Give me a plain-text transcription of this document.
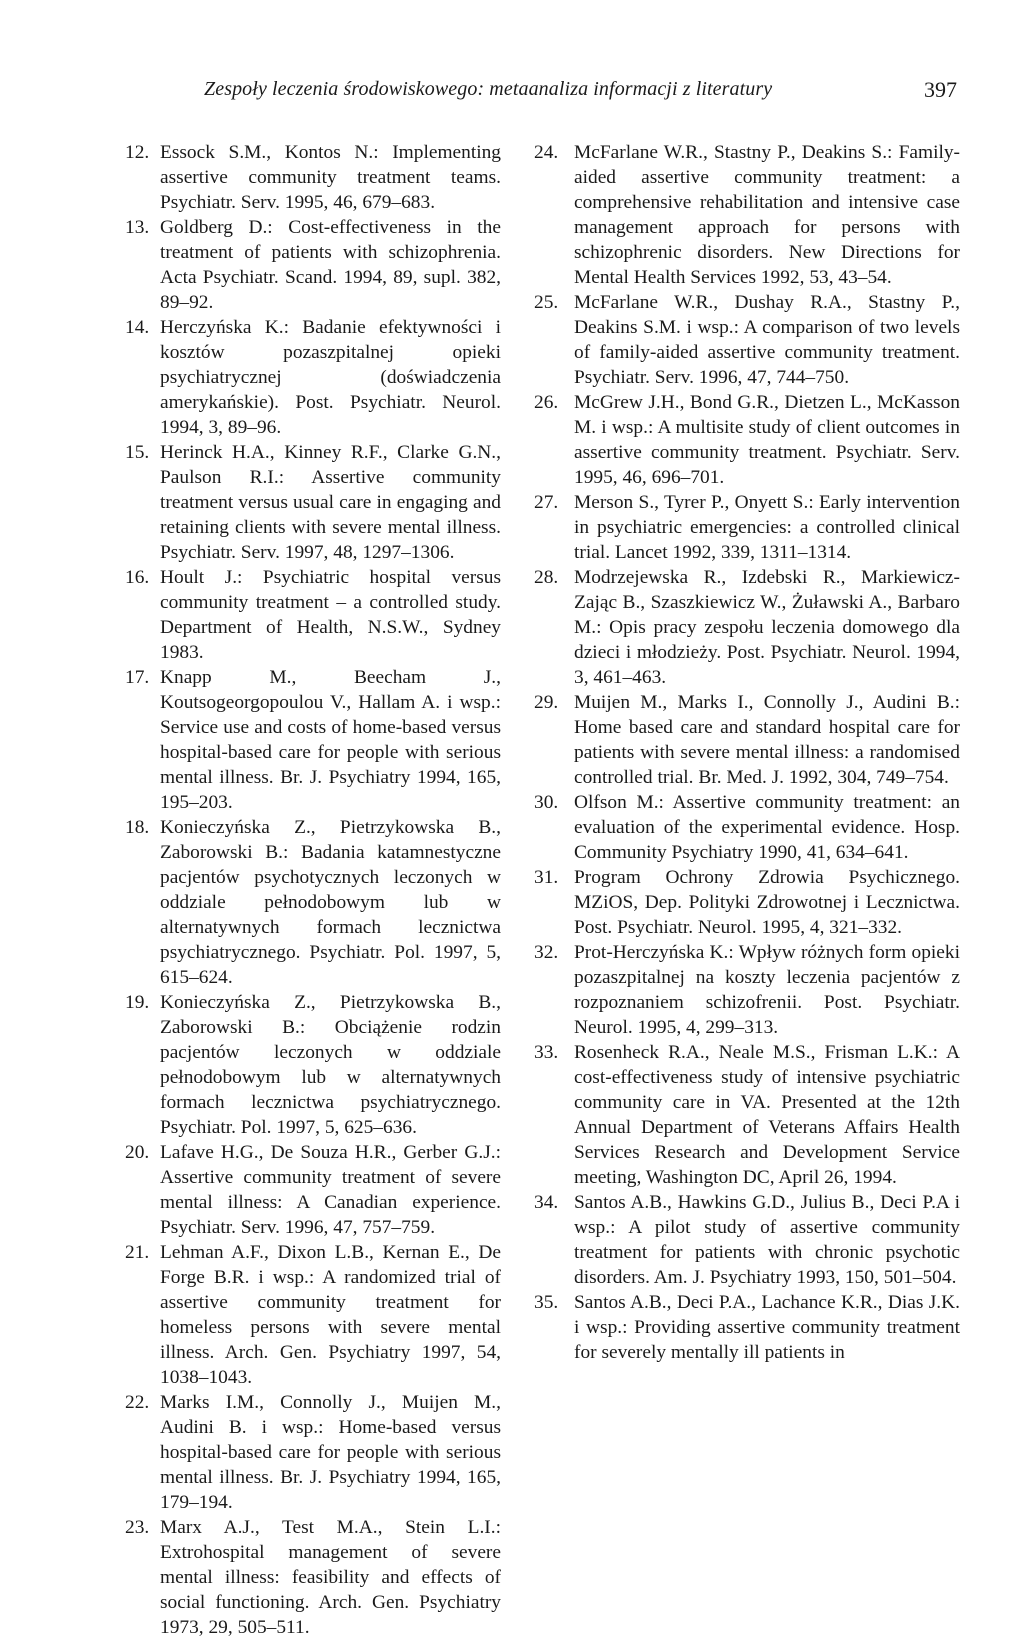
Zespoły leczenia środowiskowego: metaanaliza informacji z literatury	397
12. Essock S.M., Kontos N.: Implementing assertive community treatment teams. Psychiatr. Serv. 1995, 46, 679–683.
13. Goldberg D.: Cost-effectiveness in the treatment of patients with schizophrenia. Acta Psychiatr. Scand. 1994, 89, supl. 382, 89–92.
14. Herczyńska K.: Badanie efektywności i kosztów pozaszpitalnej opieki psychiatrycznej (doświadczenia amerykańskie). Post. Psychiatr. Neurol. 1994, 3, 89–96.
15. Herinck H.A., Kinney R.F., Clarke G.N., Paulson R.I.: Assertive community treatment versus usual care in engaging and retaining clients with severe mental illness. Psychiatr. Serv. 1997, 48, 1297–1306.
16. Hoult J.: Psychiatric hospital versus community treatment – a controlled study. Department of Health, N.S.W., Sydney 1983.
17. Knapp M., Beecham J., Koutsogeorgopoulou V., Hallam A. i wsp.: Service use and costs of home-based versus hospital-based care for people with serious mental illness. Br. J. Psychiatry 1994, 165, 195–203.
18. Konieczyńska Z., Pietrzykowska B., Zaborowski B.: Badania katamnestyczne pacjentów psychotycznych leczonych w oddziale pełnodobowym lub w alternatywnych formach lecznictwa psychiatrycznego. Psychiatr. Pol. 1997, 5, 615–624.
19. Konieczyńska Z., Pietrzykowska B., Zaborowski B.: Obciążenie rodzin pacjentów leczonych w oddziale pełnodobowym lub w alternatywnych formach lecznictwa psychiatrycznego. Psychiatr. Pol. 1997, 5, 625–636.
20. Lafave H.G., De Souza H.R., Gerber G.J.: Assertive community treatment of severe mental illness: A Canadian experience. Psychiatr. Serv. 1996, 47, 757–759.
21. Lehman A.F., Dixon L.B., Kernan E., De Forge B.R. i wsp.: A randomized trial of assertive community treatment for homeless persons with severe mental illness. Arch. Gen. Psychiatry 1997, 54, 1038–1043.
22. Marks I.M., Connolly J., Muijen M., Audini B. i wsp.: Home-based versus hospital-based care for people with serious mental illness. Br. J. Psychiatry 1994, 165, 179–194.
23. Marx A.J., Test M.A., Stein L.I.: Extrohospital management of severe mental illness: feasibility and effects of social functioning. Arch. Gen. Psychiatry 1973, 29, 505–511.
24. McFarlane W.R., Stastny P., Deakins S.: Family-aided assertive community treatment: a comprehensive rehabilitation and intensive case management approach for persons with schizophrenic disorders. New Directions for Mental Health Services 1992, 53, 43–54.
25. McFarlane W.R., Dushay R.A., Stastny P., Deakins S.M. i wsp.: A comparison of two levels of family-aided assertive community treatment. Psychiatr. Serv. 1996, 47, 744–750.
26. McGrew J.H., Bond G.R., Dietzen L., McKasson M. i wsp.: A multisite study of client outcomes in assertive community treatment. Psychiatr. Serv. 1995, 46, 696–701.
27. Merson S., Tyrer P., Onyett S.: Early intervention in psychiatric emergencies: a controlled clinical trial. Lancet 1992, 339, 1311–1314.
28. Modrzejewska R., Izdebski R., Markiewicz-Zając B., Szaszkiewicz W., Żuławski A., Barbaro M.: Opis pracy zespołu leczenia domowego dla dzieci i młodzieży. Post. Psychiatr. Neurol. 1994, 3, 461–463.
29. Muijen M., Marks I., Connolly J., Audini B.: Home based care and standard hospital care for patients with severe mental illness: a randomised controlled trial. Br. Med. J. 1992, 304, 749–754.
30. Olfson M.: Assertive community treatment: an evaluation of the experimental evidence. Hosp. Community Psychiatry 1990, 41, 634–641.
31. Program Ochrony Zdrowia Psychicznego. MZiOS, Dep. Polityki Zdrowotnej i Lecznictwa. Post. Psychiatr. Neurol. 1995, 4, 321–332.
32. Prot-Herczyńska K.: Wpływ różnych form opieki pozaszpitalnej na koszty leczenia pacjentów z rozpoznaniem schizofrenii. Post. Psychiatr. Neurol. 1995, 4, 299–313.
33. Rosenheck R.A., Neale M.S., Frisman L.K.: A cost-effectiveness study of intensive psychiatric community care in VA. Presented at the 12th Annual Department of Veterans Affairs Health Services Research and Development Service meeting, Washington DC, April 26, 1994.
34. Santos A.B., Hawkins G.D., Julius B., Deci P.A i wsp.: A pilot study of assertive community treatment for patients with chronic psychotic disorders. Am. J. Psychiatry 1993, 150, 501–504.
35. Santos A.B., Deci P.A., Lachance K.R., Dias J.K. i wsp.: Providing assertive community treatment for severely mentally ill patients in
